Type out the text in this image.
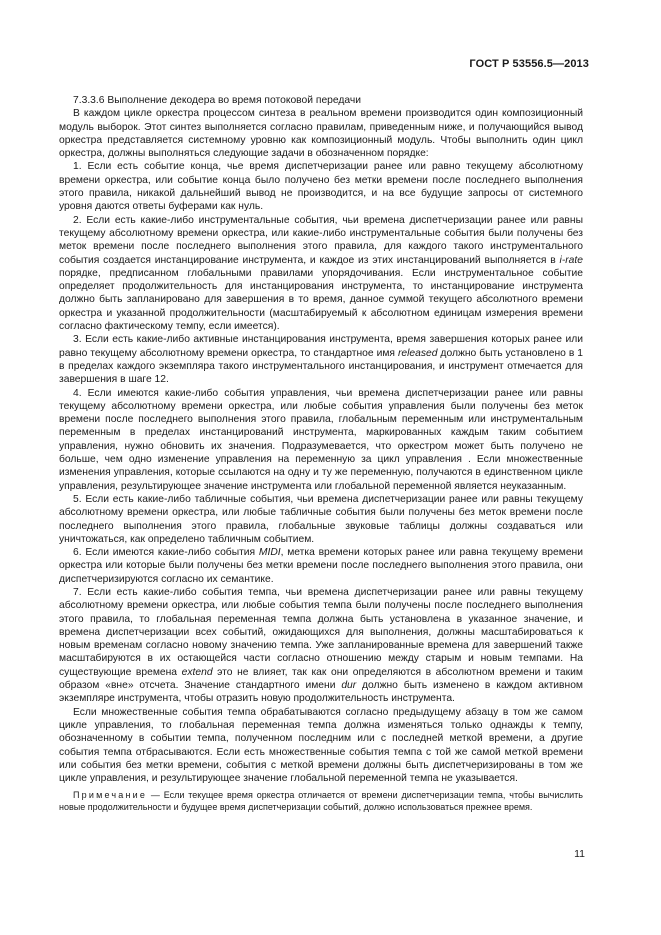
ГОСТ Р 53556.5—2013

7.3.3.6 Выполнение декодера во время потоковой передачи

В каждом цикле оркестра процессом синтеза в реальном времени производится один композиционный модуль выборок. Этот синтез выполняется согласно правилам, приведенным ниже, и получающийся вывод оркестра представляется системному уровню как композиционный модуль. Чтобы выполнить один цикл оркестра, должны выполняться следующие задачи в обозначенном порядке:

1. Если есть событие конца, чье время диспетчеризации ранее или равно текущему абсолютному времени оркестра, или событие конца было получено без метки времени после последнего выполнения этого правила, никакой дальнейший вывод не производится, и на все будущие запросы от системного уровня даются ответы буферами как нуль.

2. Если есть какие-либо инструментальные события, чьи времена диспетчеризации ранее или равны текущему абсолютному времени оркестра, или какие-либо инструментальные события были получены без меток времени после последнего выполнения этого правила, для каждого такого инструментального события создается инстанцирование инструмента, и каждое из этих инстанцирований выполняется в i-rate порядке, предписанном глобальными правилами упорядочивания. Если инструментальное событие определяет продолжительность для инстанцирования инструмента, то инстанцирование инструмента должно быть запланировано для завершения в то время, данное суммой текущего абсолютного времени оркестра и указанной продолжительности (масштабируемый к абсолютном единицам измерения времени согласно фактическому темпу, если имеется).

3. Если есть какие-либо активные инстанцирования инструмента, время завершения которых ранее или равно текущему абсолютному времени оркестра, то стандартное имя released должно быть установлено в 1 в пределах каждого экземпляра такого инструментального инстанцирования, и инструмент отмечается для завершения в шаге 12.

4. Если имеются какие-либо события управления, чьи времена диспетчеризации ранее или равны текущему абсолютному времени оркестра, или любые события управления были получены без меток времени после последнего выполнения этого правила, глобальным переменным или инструментальным переменным в пределах инстанцирований инструмента, маркированных каждым таким событием управления, нужно обновить их значения. Подразумевается, что оркестром может быть получено не больше, чем одно изменение управления на переменную за цикл управления . Если множественные изменения управления, которые ссылаются на одну и ту же переменную, получаются в единственном цикле управления, результирующее значение инструмента или глобальной переменной является неуказанным.

5. Если есть какие-либо табличные события, чьи времена диспетчеризации ранее или равны текущему абсолютному времени оркестра, или любые табличные события были получены без меток времени после последнего выполнения этого правила, глобальные звуковые таблицы должны создаваться или уничтожаться, как определено табличным событием.

6. Если имеются какие-либо события MIDI, метка времени которых ранее или равна текущему времени оркестра или которые были получены без метки времени после последнего выполнения этого правила, они диспетчеризируются согласно их семантике.

7. Если есть какие-либо события темпа, чьи времена диспетчеризации ранее или равны текущему абсолютному времени оркестра, или любые события темпа были получены после последнего выполнения этого правила, то глобальная переменная темпа должна быть установлена в указанное значение, и времена диспетчеризации всех событий, ожидающихся для выполнения, должны масштабироваться к новым временам согласно новому значению темпа. Уже запланированные времена для завершений также масштабируются в их остающейся части согласно отношению между старым и новым темпами. На существующие времена extend это не влияет, так как они определяются в абсолютном времени и таким образом «вне» отсчета. Значение стандартного имени dur должно быть изменено в каждом активном экземпляре инструмента, чтобы отразить новую продолжительность инструмента.

Если множественные события темпа обрабатываются согласно предыдущему абзацу в том же самом цикле управления, то глобальная переменная темпа должна изменяться только однажды к темпу, обозначенному в событии темпа, полученном последним или с последней меткой времени, а другие события темпа отбрасываются. Если есть множественные события темпа с той же самой меткой времени или события без метки времени, события с меткой времени должны быть диспетчеризированы в том же цикле управления, и результирующее значение глобальной переменной темпа не указывается.

Примечание — Если текущее время оркестра отличается от времени диспетчеризации темпа, чтобы вычислить новые продолжительности и будущее время диспетчеризации событий, должно использоваться прежнее время.

11
